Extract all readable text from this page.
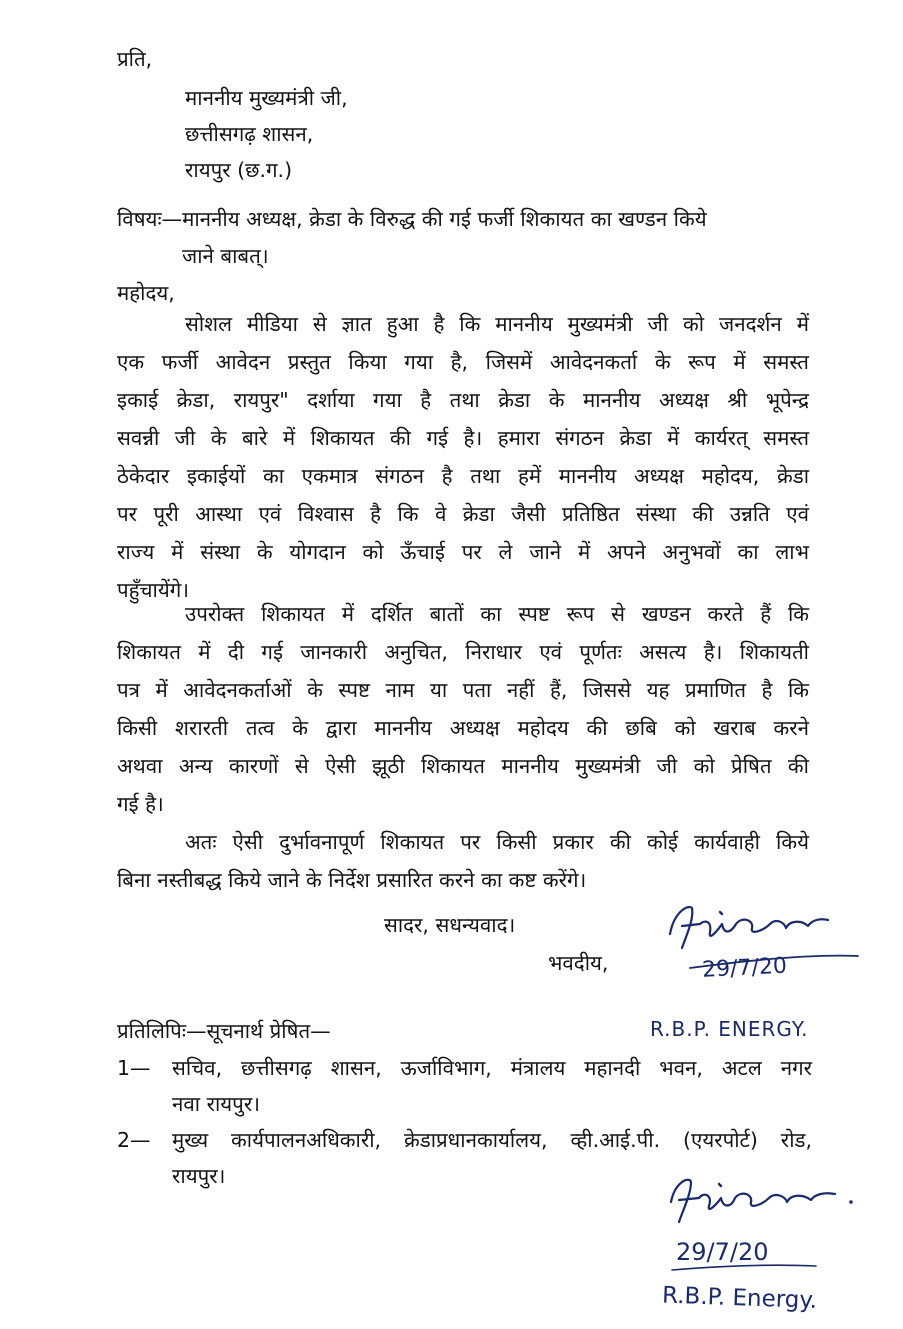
प्रति,
माननीय मुख्यमंत्री जी,
छत्तीसगढ़ शासन,
रायपुर (छ.ग.)
विषयः—माननीय अध्यक्ष, क्रेडा के विरुद्ध की गई फर्जी शिकायत का खण्डन किये
जाने बाबत्।
महोदय,
सोशल मीडिया से ज्ञात हुआ है कि माननीय मुख्यमंत्री जी को जनदर्शन में
एक फर्जी आवेदन प्रस्तुत किया गया है, जिसमें आवेदनकर्ता के रूप में समस्त
इकाई क्रेडा, रायपुर" दर्शाया गया है तथा क्रेडा के माननीय अध्यक्ष श्री भूपेन्द्र
सवन्नी जी के बारे में शिकायत की गई है। हमारा संगठन क्रेडा में कार्यरत् समस्त
ठेकेदार इकाईयों का एकमात्र संगठन है तथा हमें माननीय अध्यक्ष महोदय, क्रेडा
पर पूरी आस्था एवं विश्वास है कि वे क्रेडा जैसी प्रतिष्ठित संस्था की उन्नति एवं
राज्य में संस्था के योगदान को ऊँचाई पर ले जाने में अपने अनुभवों का लाभ
पहुँचायेंगे।
उपरोक्त शिकायत में दर्शित बातों का स्पष्ट रूप से खण्डन करते हैं कि
शिकायत में दी गई जानकारी अनुचित, निराधार एवं पूर्णतः असत्य है। शिकायती
पत्र में आवेदनकर्ताओं के स्पष्ट नाम या पता नहीं हैं, जिससे यह प्रमाणित है कि
किसी शरारती तत्व के द्वारा माननीय अध्यक्ष महोदय की छबि को खराब करने
अथवा अन्य कारणों से ऐसी झूठी शिकायत माननीय मुख्यमंत्री जी को प्रेषित की
गई है।
अतः ऐसी दुर्भावनापूर्ण शिकायत पर किसी प्रकार की कोई कार्यवाही किये
बिना नस्तीबद्ध किये जाने के निर्देश प्रसारित करने का कष्ट करेंगे।
सादर, सधन्यवाद।
भवदीय,	29/7/20
R.B.P. ENERGY.
प्रतिलिपिः—सूचनार्थ प्रेषित—
1— सचिव, छत्तीसगढ़ शासन, ऊर्जाविभाग, मंत्रालय महानदी भवन, अटल नगर
नवा रायपुर।
2— मुख्य कार्यपालनअधिकारी, क्रेडाप्रधानकार्यालय, व्ही.आई.पी. (एयरपोर्ट) रोड,
रायपुर।
29/7/20
R.B.P. Energy.
